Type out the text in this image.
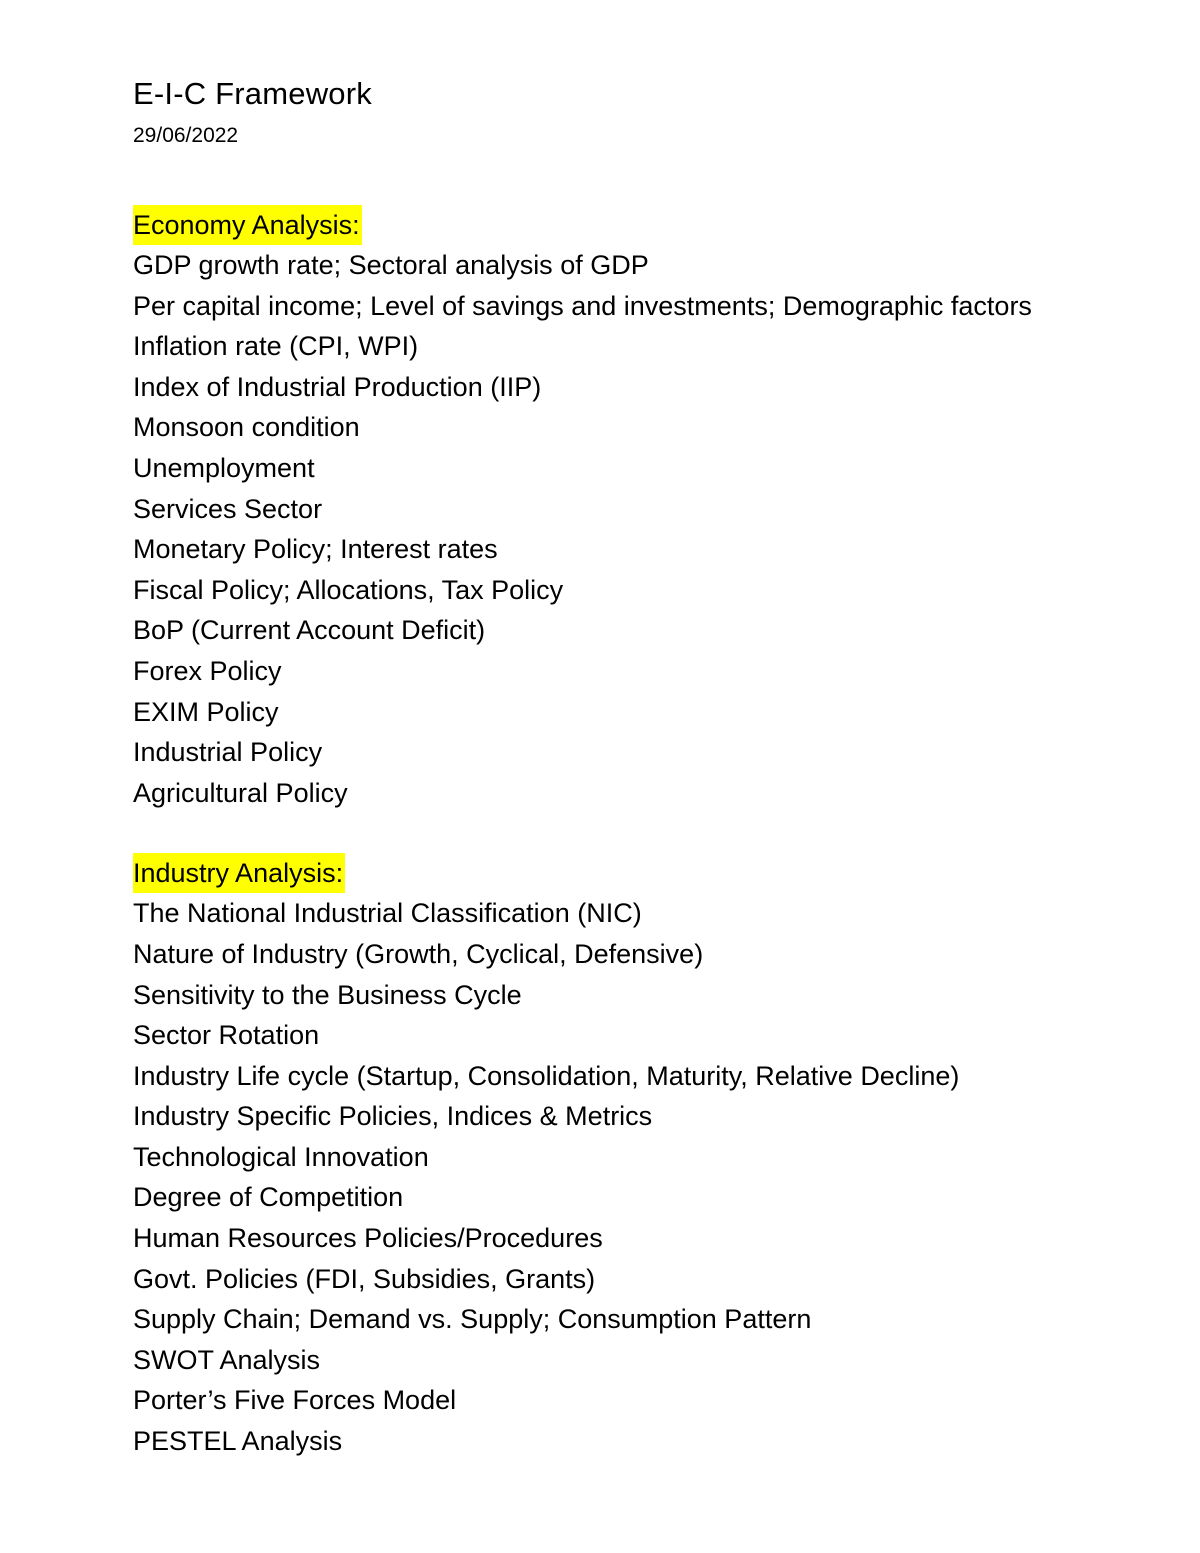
E-I-C Framework

29/06/2022

Economy Analysis:
GDP growth rate; Sectoral analysis of GDP
Per capital income; Level of savings and investments; Demographic factors
Inflation rate (CPI, WPI)
Index of Industrial Production (IIP)
Monsoon condition
Unemployment
Services Sector
Monetary Policy; Interest rates
Fiscal Policy; Allocations, Tax Policy
BoP (Current Account Deficit)
Forex Policy
EXIM Policy
Industrial Policy
Agricultural Policy
Industry Analysis:
The National Industrial Classification (NIC)
Nature of Industry (Growth, Cyclical, Defensive)
Sensitivity to the Business Cycle
Sector Rotation
Industry Life cycle (Startup, Consolidation, Maturity, Relative Decline)
Industry Specific Policies, Indices & Metrics
Technological Innovation
Degree of Competition
Human Resources Policies/Procedures
Govt. Policies (FDI, Subsidies, Grants)
Supply Chain; Demand vs. Supply; Consumption Pattern
SWOT Analysis
Porter’s Five Forces Model
PESTEL Analysis
